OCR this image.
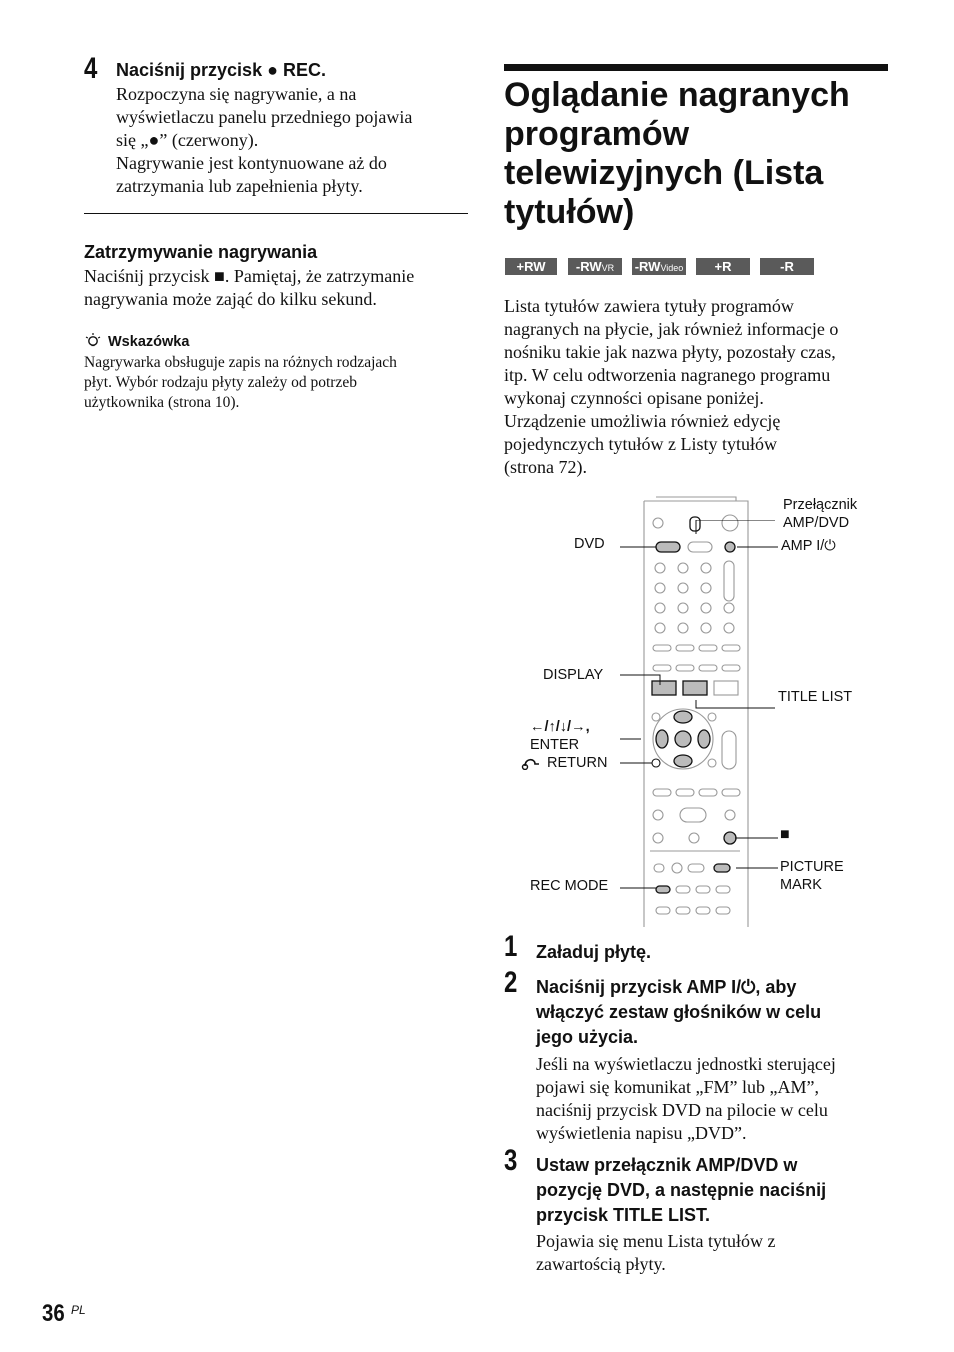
4 Naciśnij przycisk ● REC.
Rozpoczyna się nagrywanie, a na
wyświetlaczu panelu przedniego pojawia
się „●” (czerwony).
Nagrywanie jest kontynuowane aż do
zatrzymania lub zapełnienia płyty.
Zatrzymywanie nagrywania
Naciśnij przycisk ■. Pamiętaj, że zatrzymanie
nagrywania może zająć do kilku sekund.
Wskazówka
Nagrywarka obsługuje zapis na różnych rodzajach
płyt. Wybór rodzaju płyty zależy od potrzeb
użytkownika (strona 10).
Oglądanie nagranych
programów
telewizyjnych (Lista
tytułów)
+RW	-RWVR	-RWVideo	+R	-R
Lista tytułów zawiera tytuły programów
nagranych na płycie, jak również informacje o
nośniku takie jak nazwa płyty, pozostały czas,
itp. W celu odtworzenia nagranego programu
wykonaj czynności opisane poniżej.
Urządzenie umożliwia również edycję
pojedynczych tytułów z Listy tytułów
(strona 72).
Przełącznik
AMP/DVD
DVD	AMP I/⏻
DISPLAY
TITLE LIST
←/↑/↓/→,
ENTER
RETURN
■
PICTURE
MARK
REC MODE
1 Załaduj płytę.
2 Naciśnij przycisk AMP I/⏻, aby
włączyć zestaw głośników w celu
jego użycia.
Jeśli na wyświetlaczu jednostki sterującej
pojawi się komunikat „FM” lub „AM”,
naciśnij przycisk DVD na pilocie w celu
wyświetlenia napisu „DVD”.
3 Ustaw przełącznik AMP/DVD w
pozycję DVD, a następnie naciśnij
przycisk TITLE LIST.
Pojawia się menu Lista tytułów z
zawartością płyty.
36 PL
